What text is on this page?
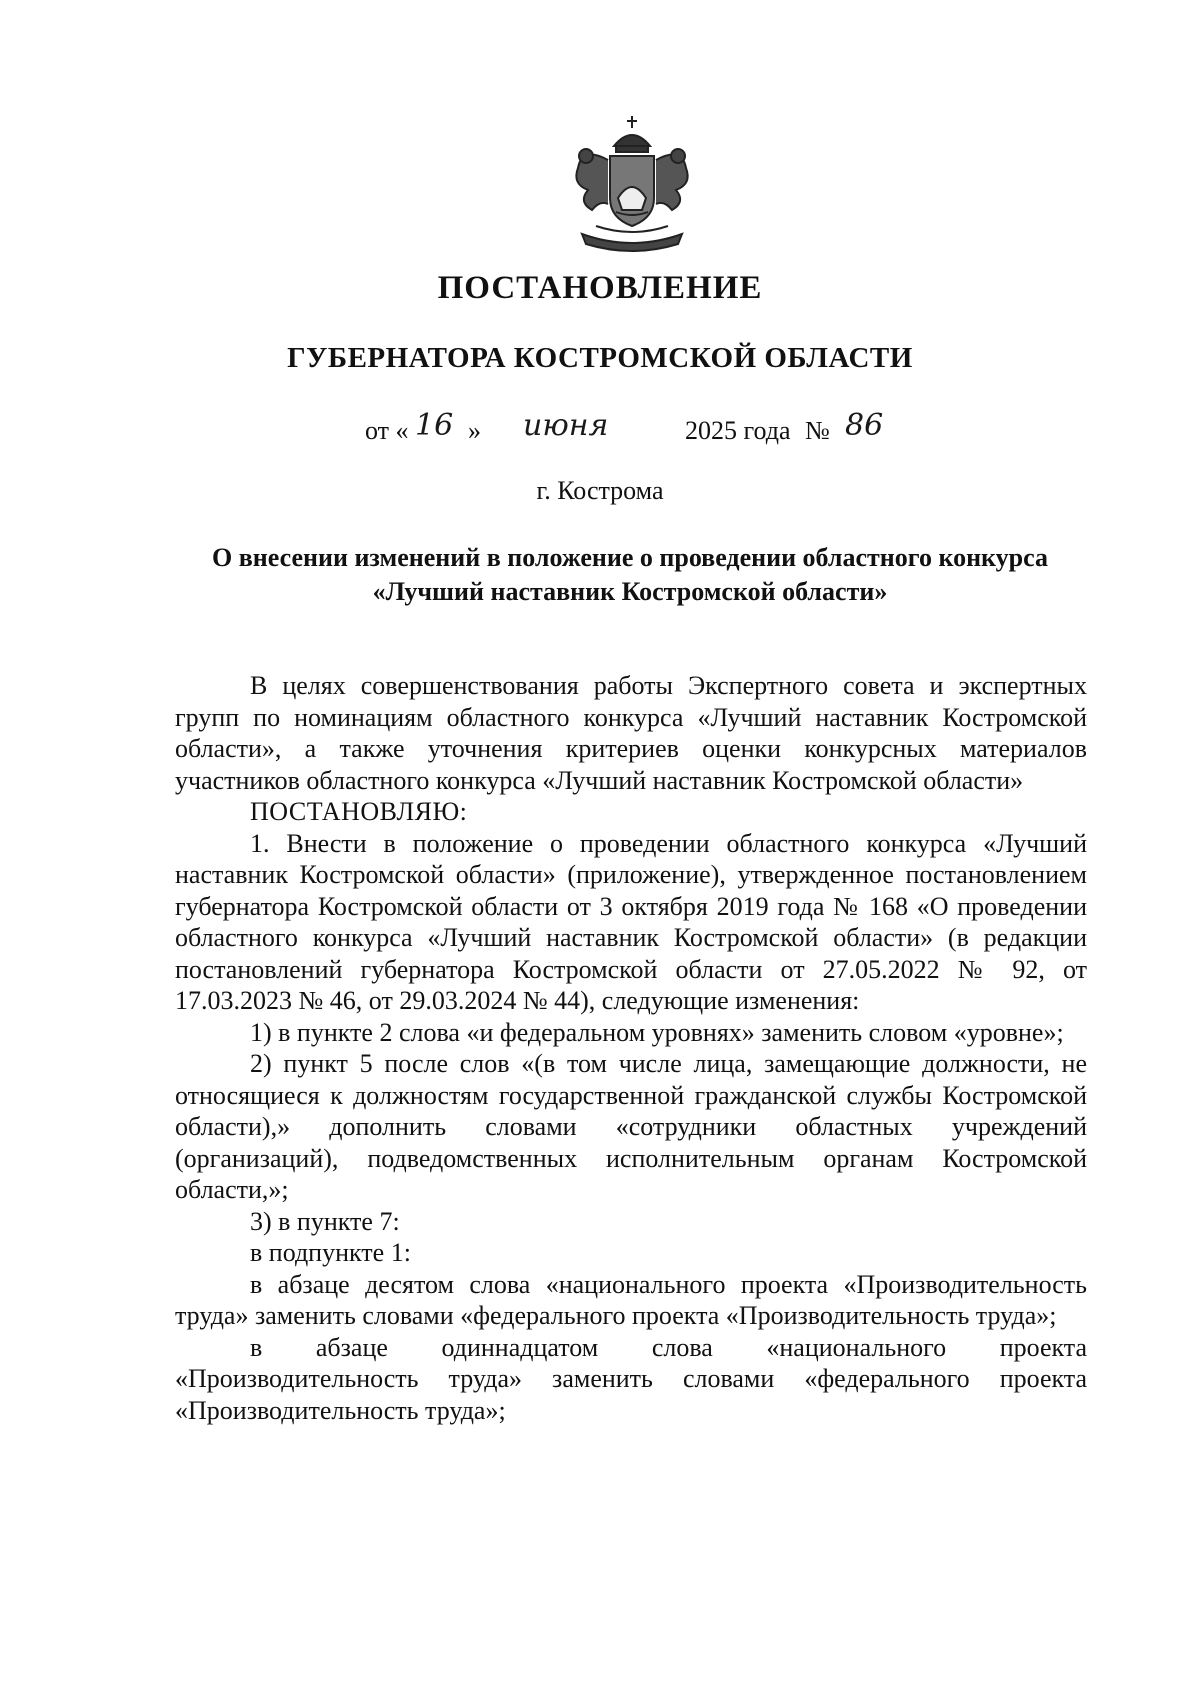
ПОСТАНОВЛЕНИЕ
ГУБЕРНАТОРА КОСТРОМСКОЙ ОБЛАСТИ
от « 16 » июня	2025 года № 86
г. Кострома
О внесении изменений в положение о проведении областного конкурса
«Лучший наставник Костромской области»

В целях совершенствования работы Экспертного совета и экспертных групп по номинациям областного конкурса «Лучший наставник Костромской области», а также уточнения критериев оценки конкурсных материалов участников областного конкурса «Лучший наставник Костромской области»

ПОСТАНОВЛЯЮ:

1. Внести в положение о проведении областного конкурса «Лучший наставник Костромской области» (приложение), утвержденное постановлением губернатора Костромской области от 3 октября 2019 года № 168 «О проведении областного конкурса «Лучший наставник Костромской области» (в редакции постановлений губернатора Костромской области от 27.05.2022 № 92, от 17.03.2023 № 46, от 29.03.2024 № 44), следующие изменения:

1) в пункте 2 слова «и федеральном уровнях» заменить словом «уровне»;

2) пункт 5 после слов «(в том числе лица, замещающие должности, не относящиеся к должностям государственной гражданской службы Костромской области),» дополнить словами «сотрудники областных учреждений (организаций), подведомственных исполнительным органам Костромской области,»;

3) в пункте 7:

в подпункте 1:

в абзаце десятом слова «национального проекта «Производительность труда» заменить словами «федерального проекта «Производительность труда»;

в абзаце одиннадцатом слова «национального проекта «Производительность труда» заменить словами «федерального проекта «Производительность труда»;
